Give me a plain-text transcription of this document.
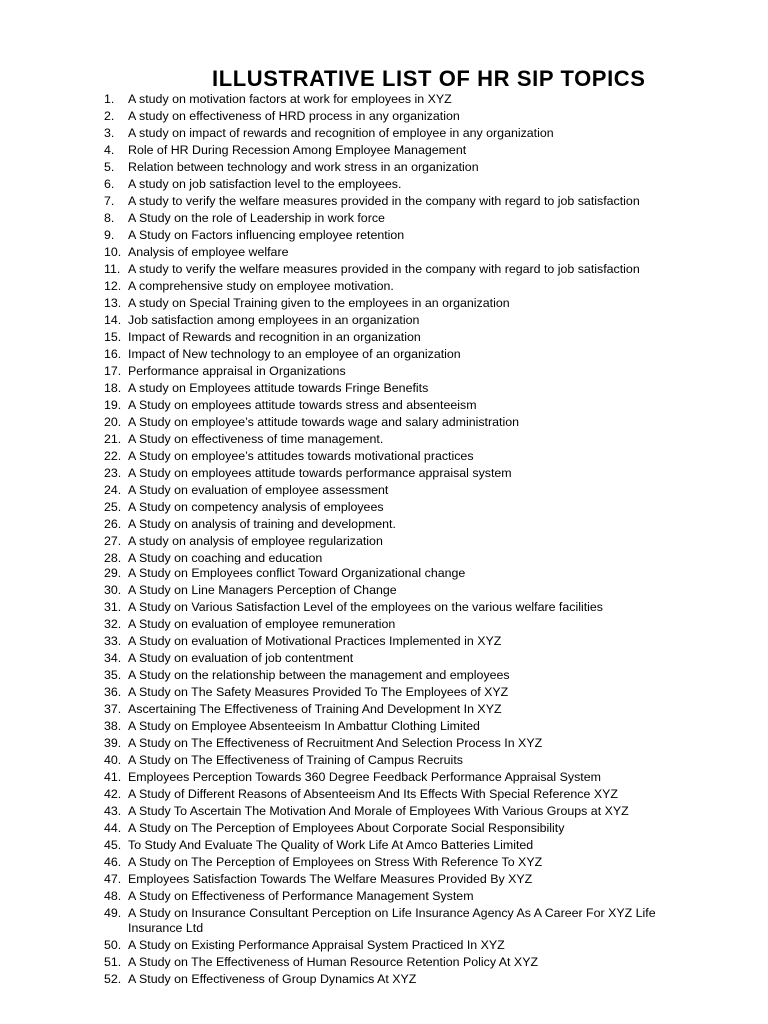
ILLUSTRATIVE LIST OF HR SIP TOPICS
1.	A study on motivation factors at work for employees in XYZ
2.	A study on effectiveness of HRD process in any organization
3.	A study on impact of rewards and recognition of employee in any organization
4.	Role of HR During Recession Among Employee Management
5.	Relation between technology and work stress in an organization
6.	A study on job satisfaction level to the employees.
7.	A study to verify the welfare measures provided in the company with regard to job satisfaction
8.	A Study on the role of Leadership in work force
9.	A Study on Factors influencing employee retention
10. Analysis of employee welfare
11. A study to verify the welfare measures provided in the company with regard to job satisfaction
12. A comprehensive study on employee motivation.
13. A study on Special Training given to the employees in an organization
14. Job satisfaction among employees in an organization
15. Impact of Rewards and recognition in an organization
16. Impact of New technology to an employee of an organization
17. Performance appraisal in Organizations
18. A study on Employees attitude towards Fringe Benefits
19. A Study on employees attitude towards stress and absenteeism
20. A Study on employee’s attitude towards wage and salary administration
21. A Study on effectiveness of time management.
22. A Study on employee’s attitudes towards motivational practices
23. A Study on employees attitude towards performance appraisal system
24. A Study on evaluation of employee assessment
25. A Study on competency analysis of employees
26. A Study on analysis of training and development.
27. A study on analysis of employee regularization
28. A Study on coaching and education
29. A Study on Employees conflict Toward Organizational change
30. A Study on Line Managers Perception of Change
31. A Study on Various Satisfaction Level of the employees on the various welfare facilities
32. A Study on evaluation of employee remuneration
33. A Study on evaluation of Motivational Practices Implemented in XYZ
34. A Study on evaluation of job contentment
35. A Study on the relationship between the management and employees
36. A Study on The Safety Measures Provided To The Employees of XYZ
37. Ascertaining The Effectiveness of Training And Development In XYZ
38. A Study on Employee Absenteeism In Ambattur Clothing Limited
39. A Study on The Effectiveness of Recruitment And Selection Process In XYZ
40. A Study on The Effectiveness of Training of Campus Recruits
41. Employees Perception Towards 360 Degree Feedback Performance Appraisal System
42. A Study of Different Reasons of Absenteeism And Its Effects With Special Reference XYZ
43. A Study To Ascertain The Motivation And Morale of Employees With Various Groups at XYZ
44. A Study on The Perception of Employees About Corporate Social Responsibility
45. To Study And Evaluate The Quality of Work Life At Amco Batteries Limited
46. A Study on The Perception of Employees on Stress With Reference To XYZ
47. Employees Satisfaction Towards The Welfare Measures Provided By XYZ
48. A Study on Effectiveness of Performance Management System
49. A Study on Insurance Consultant Perception on Life Insurance Agency As A Career For XYZ Life Insurance Ltd
50. A Study on Existing Performance Appraisal System Practiced In XYZ
51. A Study on The Effectiveness of Human Resource Retention Policy At XYZ
52. A Study on Effectiveness of Group Dynamics At XYZ
